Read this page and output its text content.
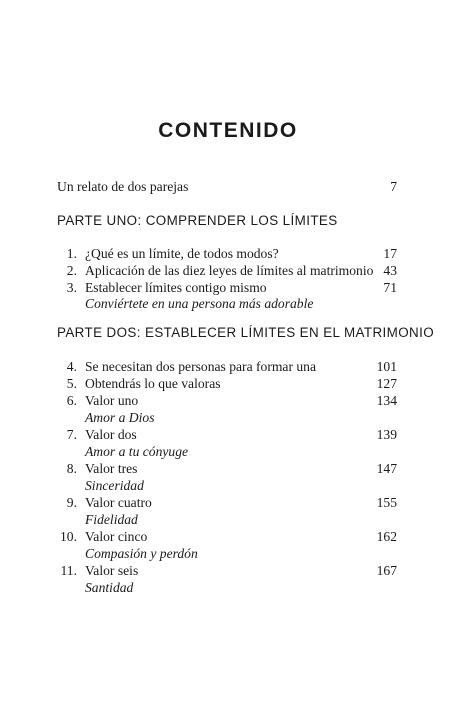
CONTENIDO
Un relato de dos parejas	7
PARTE UNO: COMPRENDER LOS LÍMITES
1. ¿Qué es un límite, de todos modos?	17
2. Aplicación de las diez leyes de límites al matrimonio 43
3. Establecer límites contigo mismo	71
Conviértete en una persona más adorable
PARTE DOS: ESTABLECER LÍMITES EN EL MATRIMONIO
4. Se necesitan dos personas para formar una	101
5. Obtendrás lo que valoras	127
6. Valor uno	134
Amor a Dios
7. Valor dos	139
Amor a tu cónyuge
8. Valor tres	147
Sinceridad
9. Valor cuatro	155
Fidelidad
10. Valor cinco	162
Compasión y perdón
11. Valor seis	167
Santidad
